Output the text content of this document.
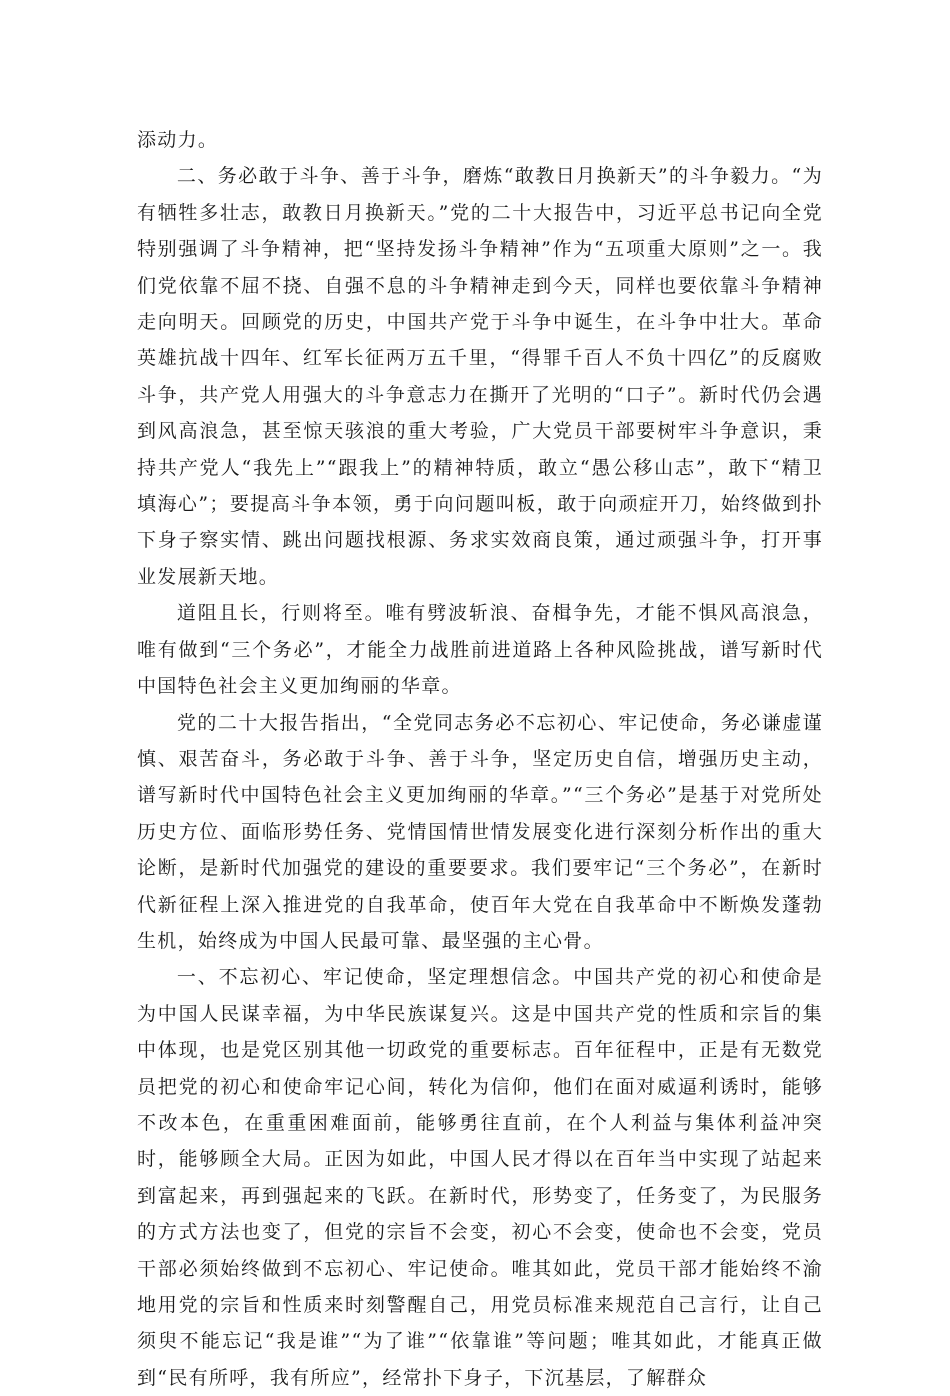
添动力。

二、务必敢于斗争、善于斗争，磨炼“敢教日月换新天”的斗争毅力。“为有牺牲多壮志，敢教日月换新天。”党的二十大报告中，习近平总书记向全党特别强调了斗争精神，把“坚持发扬斗争精神”作为“五项重大原则”之一。我们党依靠不屈不挠、自强不息的斗争精神走到今天，同样也要依靠斗争精神走向明天。回顾党的历史，中国共产党于斗争中诞生，在斗争中壮大。革命英雄抗战十四年、红军长征两万五千里，“得罪千百人不负十四亿”的反腐败斗争，共产党人用强大的斗争意志力在撕开了光明的“口子”。新时代仍会遇到风高浪急，甚至惊天骇浪的重大考验，广大党员干部要树牢斗争意识，秉持共产党人“我先上”“跟我上”的精神特质，敢立“愚公移山志”，敢下“精卫填海心”；要提高斗争本领，勇于向问题叫板，敢于向顽症开刀，始终做到扑下身子察实情、跳出问题找根源、务求实效商良策，通过顽强斗争，打开事业发展新天地。

道阻且长，行则将至。唯有劈波斩浪、奋楫争先，才能不惧风高浪急，唯有做到“三个务必”，才能全力战胜前进道路上各种风险挑战，谱写新时代中国特色社会主义更加绚丽的华章。

党的二十大报告指出，“全党同志务必不忘初心、牢记使命，务必谦虚谨慎、艰苦奋斗，务必敢于斗争、善于斗争，坚定历史自信，增强历史主动，谱写新时代中国特色社会主义更加绚丽的华章。”“三个务必”是基于对党所处历史方位、面临形势任务、党情国情世情发展变化进行深刻分析作出的重大论断，是新时代加强党的建设的重要要求。我们要牢记“三个务必”，在新时代新征程上深入推进党的自我革命，使百年大党在自我革命中不断焕发蓬勃生机，始终成为中国人民最可靠、最坚强的主心骨。

一、不忘初心、牢记使命，坚定理想信念。中国共产党的初心和使命是为中国人民谋幸福，为中华民族谋复兴。这是中国共产党的性质和宗旨的集中体现，也是党区别其他一切政党的重要标志。百年征程中，正是有无数党员把党的初心和使命牢记心间，转化为信仰，他们在面对威逼利诱时，能够不改本色，在重重困难面前，能够勇往直前，在个人利益与集体利益冲突时，能够顾全大局。正因为如此，中国人民才得以在百年当中实现了站起来到富起来，再到强起来的飞跃。在新时代，形势变了，任务变了，为民服务的方式方法也变了，但党的宗旨不会变，初心不会变，使命也不会变，党员干部必须始终做到不忘初心、牢记使命。唯其如此，党员干部才能始终不渝地用党的宗旨和性质来时刻警醒自己，用党员标准来规范自己言行，让自己须臾不能忘记“我是谁”“为了谁”“依靠谁”等问题；唯其如此，才能真正做到“民有所呼，我有所应”，经常扑下身子，下沉基层，了解群众
